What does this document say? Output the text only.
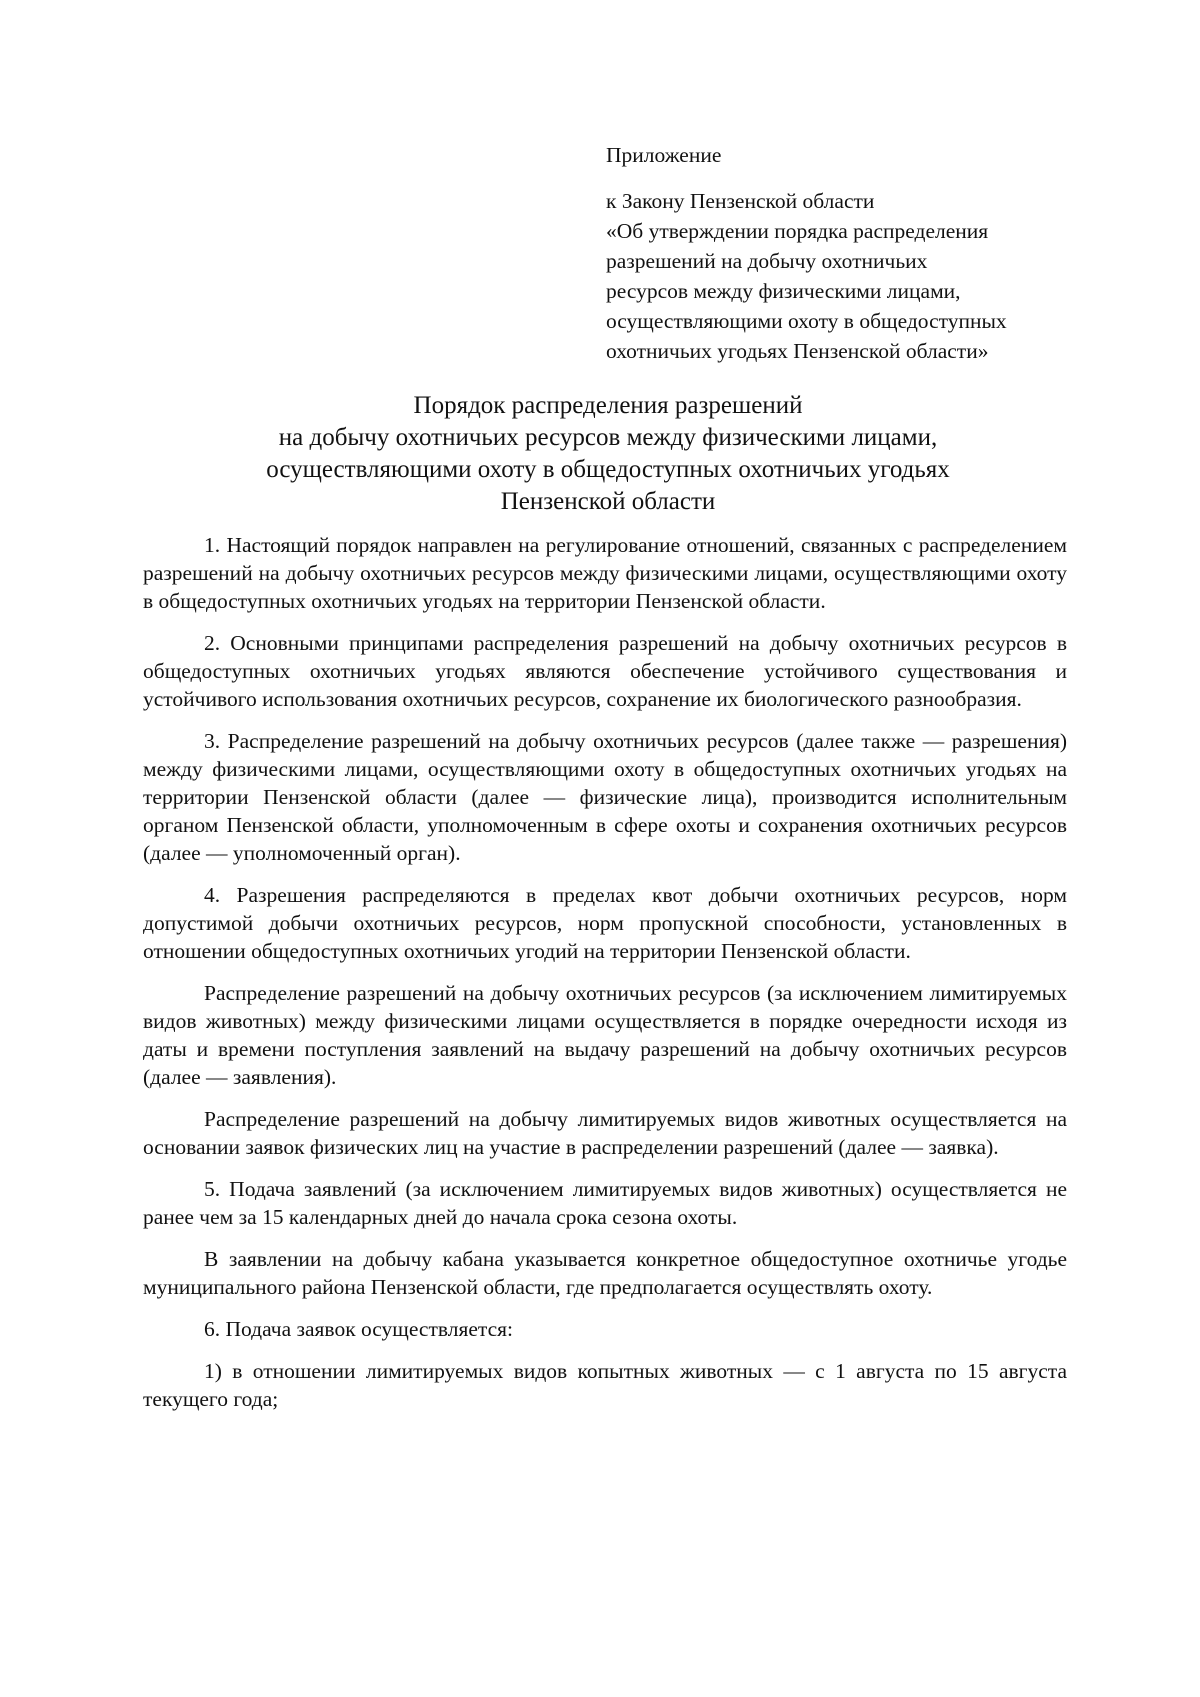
Приложение

к Закону Пензенской области
«Об утверждении порядка распределения
разрешений на добычу охотничьих
ресурсов между физическими лицами,
осуществляющими охоту в общедоступных
охотничьих угодьях Пензенской области»

Порядок распределения разрешений
на добычу охотничьих ресурсов между физическими лицами,
осуществляющими охоту в общедоступных охотничьих угодьях
Пензенской области

1. Настоящий порядок направлен на регулирование отношений, связанных с распределением разрешений на добычу охотничьих ресурсов между физическими лицами, осуществляющими охоту в общедоступных охотничьих угодьях на территории Пензенской области.

2. Основными принципами распределения разрешений на добычу охотничьих ресурсов в общедоступных охотничьих угодьях являются обеспечение устойчивого существования и устойчивого использования охотничьих ресурсов, сохранение их биологического разнообразия.

3. Распределение разрешений на добычу охотничьих ресурсов (далее также — разрешения) между физическими лицами, осуществляющими охоту в общедоступных охотничьих угодьях на территории Пензенской области (далее — физические лица), производится исполнительным органом Пензенской области, уполномоченным в сфере охоты и сохранения охотничьих ресурсов (далее — уполномоченный орган).

4. Разрешения распределяются в пределах квот добычи охотничьих ресурсов, норм допустимой добычи охотничьих ресурсов, норм пропускной способности, установленных в отношении общедоступных охотничьих угодий на территории Пензенской области.

Распределение разрешений на добычу охотничьих ресурсов (за исключением лимитируемых видов животных) между физическими лицами осуществляется в порядке очередности исходя из даты и времени поступления заявлений на выдачу разрешений на добычу охотничьих ресурсов (далее — заявления).

Распределение разрешений на добычу лимитируемых видов животных осуществляется на основании заявок физических лиц на участие в распределении разрешений (далее — заявка).

5. Подача заявлений (за исключением лимитируемых видов животных) осуществляется не ранее чем за 15 календарных дней до начала срока сезона охоты.

В заявлении на добычу кабана указывается конкретное общедоступное охотничье угодье муниципального района Пензенской области, где предполагается осуществлять охоту.

6. Подача заявок осуществляется:

1) в отношении лимитируемых видов копытных животных — с 1 августа по 15 августа текущего года;
